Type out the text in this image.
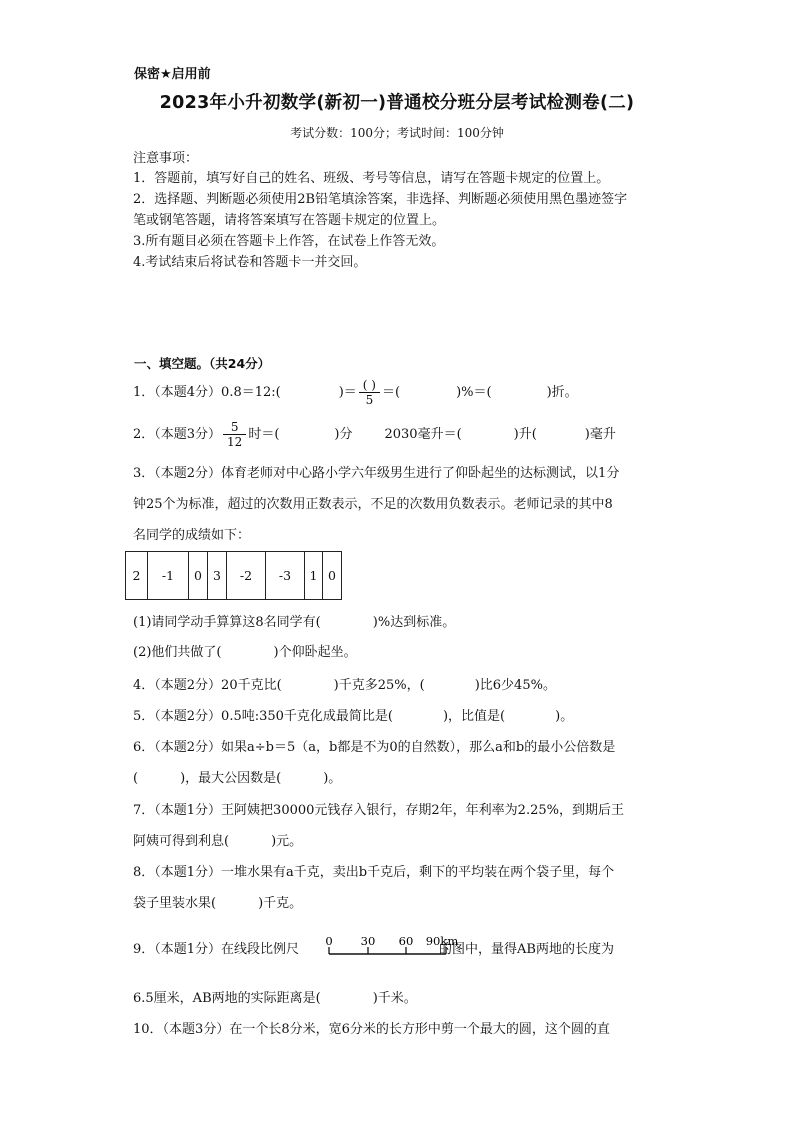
保密★启用前
2023年小升初数学(新初一)普通校分班分层考试检测卷(二)
考试分数：100分；考试时间：100分钟
注意事项：
1．答题前，填写好自己的姓名、班级、考号等信息，请写在答题卡规定的位置上。
2．选择题、判断题必须使用2B铅笔填涂答案，非选择、判断题必须使用黑色墨迹签字
笔或钢笔答题，请将答案填写在答题卡规定的位置上。
3.所有题目必须在答题卡上作答，在试卷上作答无效。
4.考试结束后将试卷和答题卡一并交回。
一、填空题。（共24分）
1．（本题4分）0.8＝12:(	)＝ $\frac{( )}{5}$ ＝(	)%＝(	)折。
2．（本题3分） $\frac{5}{12}$ 时＝(	)分 2030毫升＝(	)升(	)毫升
3．（本题2分）体育老师对中心路小学六年级男生进行了仰卧起坐的达标测试，以1分
钟25个为标准，超过的次数用正数表示，不足的次数用负数表示。老师记录的其中8
名同学的成绩如下：
2	-1	0	3	-2	-3	1	0
(1)请同学动手算算这8名同学有(	)%达到标准。
(2)他们共做了(	)个仰卧起坐。
4．（本题2分）20千克比(	)千克多25%，(	)比6少45%。
5．（本题2分）0.5吨:350千克化成最简比是(	)，比值是(	)。
6．（本题2分）如果a÷b＝5（a，b都是不为0的自然数），那么a和b的最小公倍数是
(	)，最大公因数是(	)。
7．（本题1分）王阿姨把30000元钱存入银行，存期2年，年利率为2.25%，到期后王
阿姨可得到利息(	)元。
8．（本题1分）一堆水果有a千克，卖出b千克后，剩下的平均装在两个袋子里，每个
袋子里装水果(	)千克。
9．（本题1分）在线段比例尺	的图中，量得AB两地的长度为
0 30 60 90km
6.5厘米，AB两地的实际距离是(	)千米。
10．（本题3分）在一个长8分米，宽6分米的长方形中剪一个最大的圆，这个圆的直
